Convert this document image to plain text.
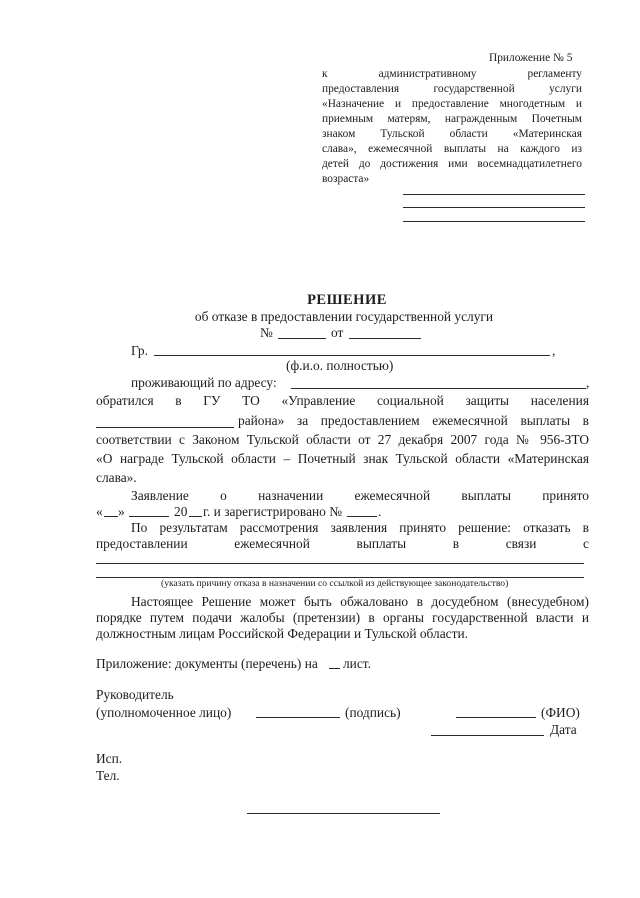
Приложение № 5
к административному регламенту
предоставления государственной услуги
«Назначение и предоставление многодетным и
приемным матерям, награжденным Почетным
знаком Тульской области «Материнская
слава», ежемесячной выплаты на каждого из
детей до достижения ими восемнадцатилетнего
возраста»
РЕШЕНИЕ
об отказе в предоставлении государственной услуги
№	от
Гр.	,
(ф.и.о. полностью)
проживающий по адресу:	,
обратился в ГУ ТО «Управление социальной защиты населения
района» за предоставлением ежемесячной выплаты в
соответствии с Законом Тульской области от 27 декабря 2007 года № 956-ЗТО
«О награде Тульской области – Почетный знак Тульской области «Материнская
слава».
Заявление о назначении ежемесячной выплаты принято
« »	20 г. и зарегистрировано №	.
По результатам рассмотрения заявления принято решение: отказать в
предоставлении ежемесячной выплаты в связи с
(указать причину отказа в назначении со ссылкой из действующее законодательство)
Настоящее Решение может быть обжаловано в досудебном (внесудебном)
порядке путем подачи жалобы (претензии) в органы государственной власти и
должностным лицам Российской Федерации и Тульской области.
Приложение: документы (перечень) на лист.
Руководитель
(уполномоченное лицо)	(подпись)	(ФИО)
Дата
Исп.
Тел.
